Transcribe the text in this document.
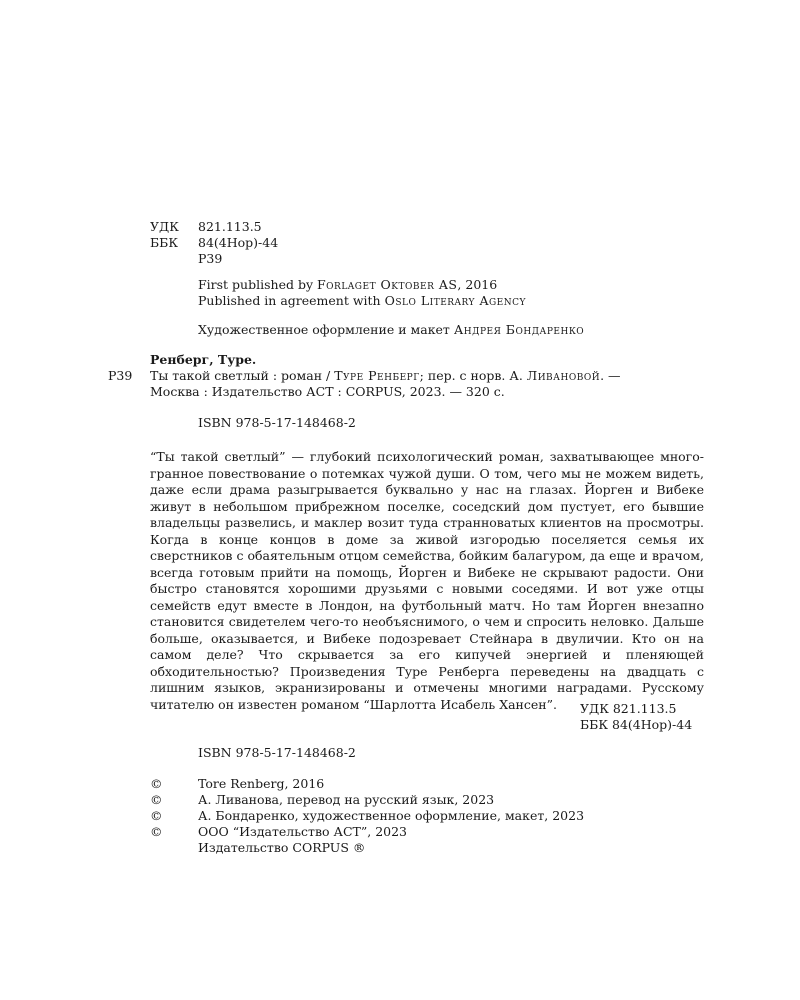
УДК 821.113.5
ББК 84(4Нор)-44
Р39
First published by Forlaget Oktober AS, 2016
Published in agreement with Oslo Literary Agency
Художественное оформление и макет Андрея Бондаренко
Ренберг, Туре.
Р39 Ты такой светлый : роман / Туре Ренберг; пер. с норв. А. Ливановой. —
Москва : Издательство АСТ : CORPUS, 2023. — 320 с.
ISBN 978-5-17-148468-2
“Ты такой светлый” — глубокий психологический роман, захватывающее многогранное повествование о потемках чужой души. О том, чего мы не можем видеть, даже если драма разыгрывается буквально у нас на глазах. Йорген и Вибеке живут в небольшом прибрежном поселке, соседский дом пустует, его бывшие владельцы развелись, и маклер возит туда странноватых клиентов на просмотры. Когда в конце концов в доме за живой изгородью поселяется семья их сверстников с обаятельным отцом семейства, бойким балагуром, да еще и врачом, всегда готовым прийти на помощь, Йорген и Вибеке не скрывают радости. Они быстро становятся хорошими друзьями с новыми соседями. И вот уже отцы семейств едут вместе в Лондон, на футбольный матч. Но там Йорген внезапно становится свидетелем чего-то необъяснимого, о чем и спросить неловко. Дальше больше, оказывается, и Вибеке подозревает Стейнара в двуличии. Кто он на самом деле? Что скрывается за его кипучей энергией и пленяющей обходительностью? Произведения Туре Ренберга переведены на двадцать с лишним языков, экранизированы и отмечены многими наградами. Русскому читателю он известен романом “Шарлотта Исабель Хансен”.	УДК 821.113.5
ББК 84(4Нор)-44
ISBN 978-5-17-148468-2
©	Tore Renberg, 2016
©	А. Ливанова, перевод на русский язык, 2023
©	А. Бондаренко, художественное оформление, макет, 2023
©	ООО “Издательство АСТ”, 2023
Издательство CORPUS ®
